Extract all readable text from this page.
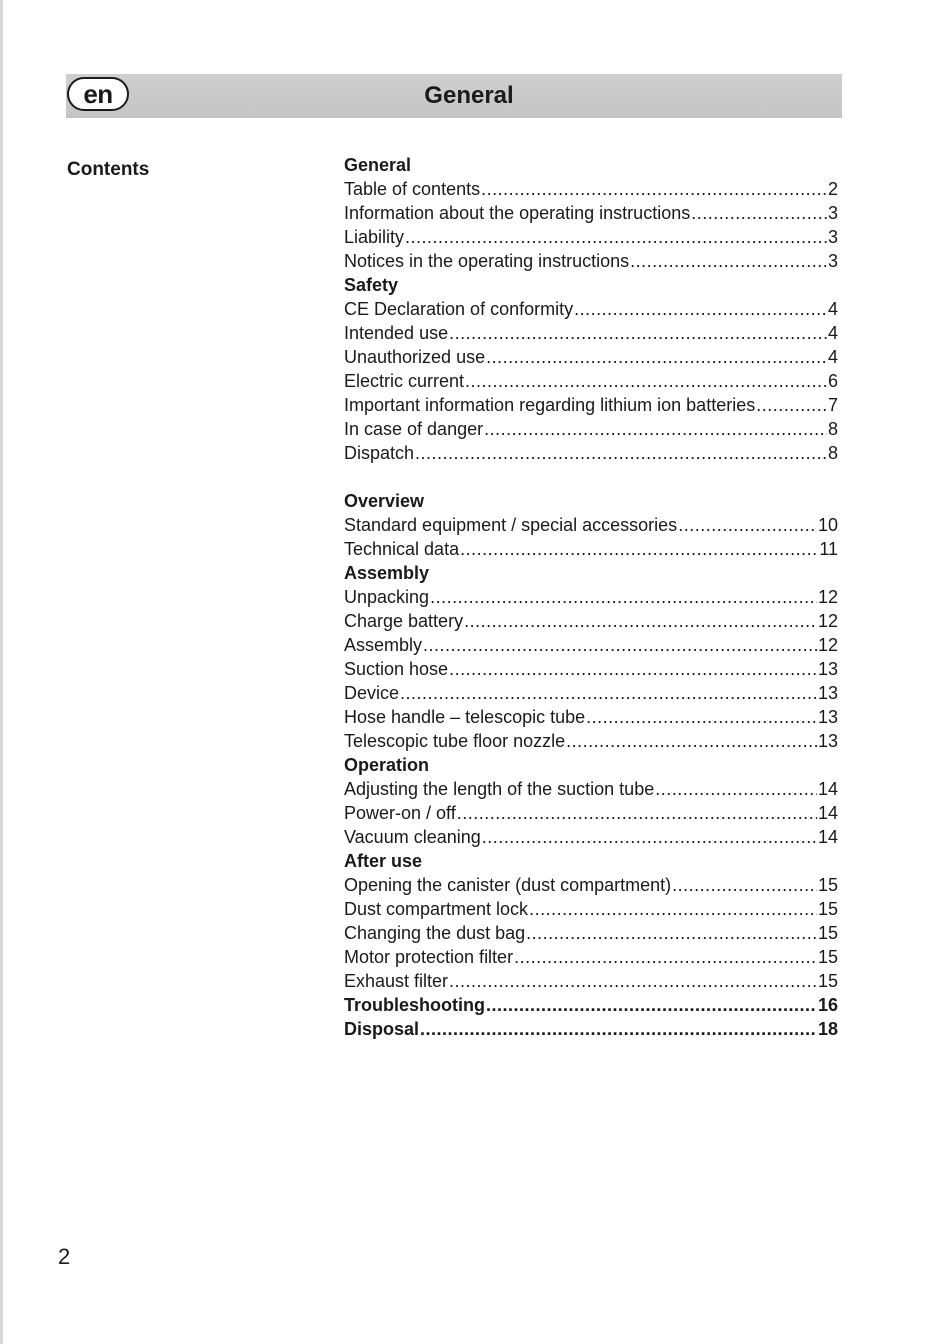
en	General
Contents	General
Table of contents .....	2
Information about the operating instructions .....	3
Liability .....	3
Notices in the operating instructions .....	3
Safety
CE Declaration of conformity .....	4
Intended use .....	4
Unauthorized use .....	4
Electric current .....	6
Important information regarding lithium ion batteries .....	7
In case of danger .....	8
Dispatch .....	8
Overview
Standard equipment / special accessories .....	10
Technical data .....	11
Assembly
Unpacking .....	12
Charge battery .....	12
Assembly .....	12
Suction hose .....	13
Device .....	13
Hose handle – telescopic tube .....	13
Telescopic tube floor nozzle .....	13
Operation
Adjusting the length of the suction tube .....	14
Power-on / off .....	14
Vacuum cleaning .....	14
After use
Opening the canister (dust compartment) .....	15
Dust compartment lock .....	15
Changing the dust bag .....	15
Motor protection filter .....	15
Exhaust filter .....	15
Troubleshooting .....	16
Disposal .....	18
2
